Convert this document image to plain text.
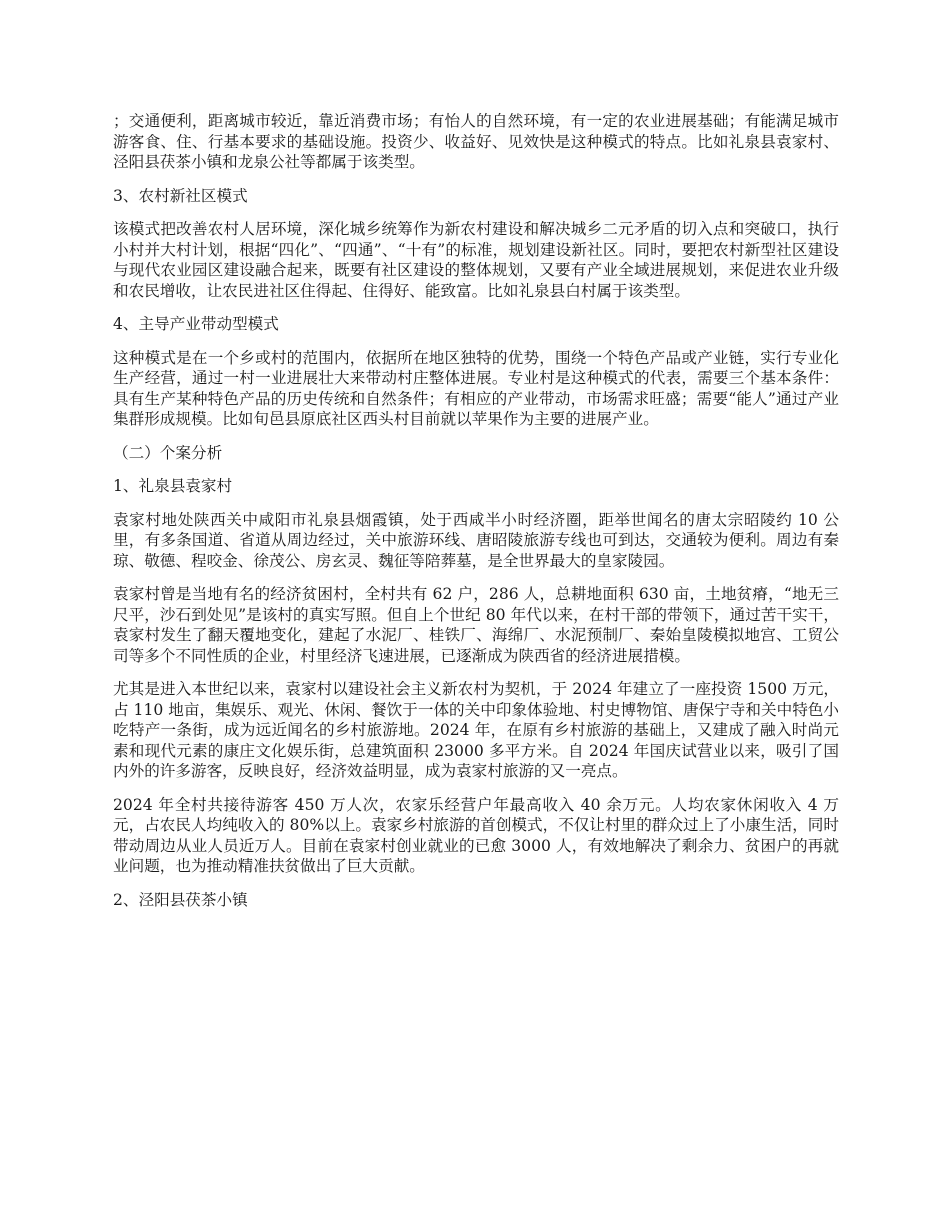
；交通便利，距离城市较近，靠近消费市场；有怡人的自然环境，有一定的农业进展基础；有能满足城市游客食、住、行基本要求的基础设施。投资少、收益好、见效快是这种模式的特点。比如礼泉县袁家村、泾阳县茯茶小镇和龙泉公社等都属于该类型。

3、农村新社区模式

该模式把改善农村人居环境，深化城乡统筹作为新农村建设和解决城乡二元矛盾的切入点和突破口，执行小村并大村计划，根据“四化”、“四通”、“十有”的标准，规划建设新社区。同时，要把农村新型社区建设与现代农业园区建设融合起来，既要有社区建设的整体规划，又要有产业全域进展规划，来促进农业升级和农民增收，让农民进社区住得起、住得好、能致富。比如礼泉县白村属于该类型。

4、主导产业带动型模式

这种模式是在一个乡或村的范围内，依据所在地区独特的优势，围绕一个特色产品或产业链，实行专业化生产经营，通过一村一业进展壮大来带动村庄整体进展。专业村是这种模式的代表，需要三个基本条件：具有生产某种特色产品的历史传统和自然条件；有相应的产业带动，市场需求旺盛；需要“能人”通过产业集群形成规模。比如旬邑县原底社区西头村目前就以苹果作为主要的进展产业。

（二）个案分析
1、礼泉县袁家村

袁家村地处陕西关中咸阳市礼泉县烟霞镇，处于西咸半小时经济圈，距举世闻名的唐太宗昭陵约 10 公里，有多条国道、省道从周边经过，关中旅游环线、唐昭陵旅游专线也可到达，交通较为便利。周边有秦琼、敬德、程咬金、徐茂公、房玄灵、魏征等陪葬墓，是全世界最大的皇家陵园。

袁家村曾是当地有名的经济贫困村，全村共有 62 户，286 人，总耕地面积 630 亩，土地贫瘠，“地无三尺平，沙石到处见”是该村的真实写照。但自上个世纪 80 年代以来，在村干部的带领下，通过苦干实干，袁家村发生了翻天覆地变化，建起了水泥厂、桂铁厂、海绵厂、水泥预制厂、秦始皇陵模拟地宫、工贸公司等多个不同性质的企业，村里经济飞速进展，已逐渐成为陕西省的经济进展措模。

尤其是进入本世纪以来，袁家村以建设社会主义新农村为契机，于 2024 年建立了一座投资 1500 万元，占 110 地亩，集娱乐、观光、休闲、餐饮于一体的关中印象体验地、村史博物馆、唐保宁寺和关中特色小吃特产一条街，成为远近闻名的乡村旅游地。2024 年，在原有乡村旅游的基础上，又建成了融入时尚元素和现代元素的康庄文化娱乐街，总建筑面积 23000 多平方米。自 2024 年国庆试营业以来，吸引了国内外的许多游客，反映良好，经济效益明显，成为袁家村旅游的又一亮点。

2024 年全村共接待游客 450 万人次，农家乐经营户年最高收入 40 余万元。人均农家休闲收入 4 万元，占农民人均纯收入的 80%以上。袁家乡村旅游的首创模式，不仅让村里的群众过上了小康生活，同时带动周边从业人员近万人。目前在袁家村创业就业的已愈 3000 人，有效地解决了剩余力、贫困户的再就业问题，也为推动精准扶贫做出了巨大贡献。

2、泾阳县茯茶小镇
